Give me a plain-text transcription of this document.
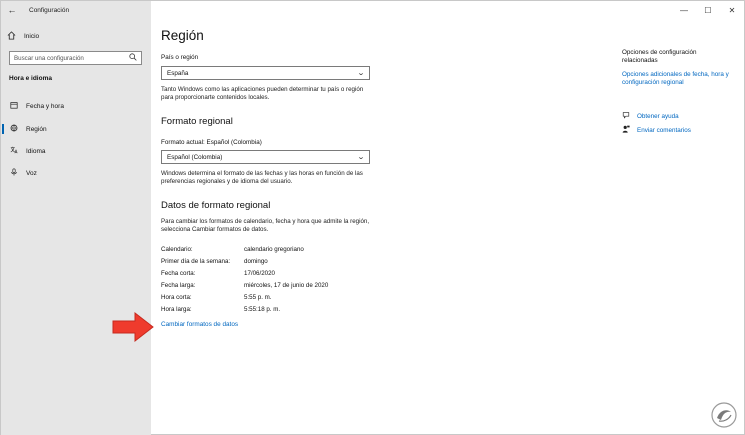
←	Configuración
Inicio
Buscar una configuración
Hora e idioma
Fecha y hora
Región
Idioma
Voz
—	☐	✕
Región
País o región
España	⌄
Tanto Windows como las aplicaciones pueden determinar tu país o región para proporcionarte contenidos locales.
Formato regional
Formato actual: Español (Colombia)
Español (Colombia)	⌄
Windows determina el formato de las fechas y las horas en función de las preferencias regionales y de idioma del usuario.
Datos de formato regional
Para cambiar los formatos de calendario, fecha y hora que admite la región, selecciona Cambiar formatos de datos.
Calendario:	calendario gregoriano
Primer día de la semana:	domingo
Fecha corta:	17/06/2020
Fecha larga:	miércoles, 17 de junio de 2020
Hora corta:	5:55 p. m.
Hora larga:	5:55:18 p. m.
Cambiar formatos de datos
Opciones de configuración relacionadas
Opciones adicionales de fecha, hora y configuración regional
Obtener ayuda
Enviar comentarios
